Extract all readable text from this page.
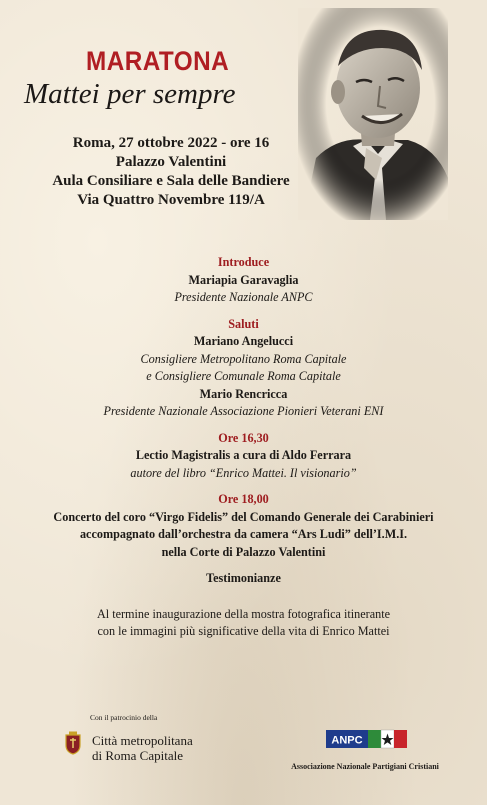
MARATONA
Mattei per sempre
Roma, 27 ottobre 2022 - ore 16
Palazzo Valentini
Aula Consiliare e Sala delle Bandiere
Via Quattro Novembre 119/A
Introduce
Mariapia Garavaglia
Presidente Nazionale ANPC
Saluti
Mariano Angelucci
Consigliere Metropolitano Roma Capitale
e Consigliere Comunale Roma Capitale
Mario Rencricca
Presidente Nazionale Associazione Pionieri Veterani ENI
Ore 16,30
Lectio Magistralis a cura di Aldo Ferrara
autore del libro “Enrico Mattei. Il visionario”
Ore 18,00
Concerto del coro “Virgo Fidelis” del Comando Generale dei Carabinieri
accompagnato dall’orchestra da camera “Ars Ludi” dell’I.M.I.
nella Corte di Palazzo Valentini
Testimonianze
Al termine inaugurazione della mostra fotografica itinerante
con le immagini più significative della vita di Enrico Mattei
Con il patrocinio della
Città metropolitana
di Roma Capitale
ANPC
Associazione Nazionale Partigiani Cristiani
